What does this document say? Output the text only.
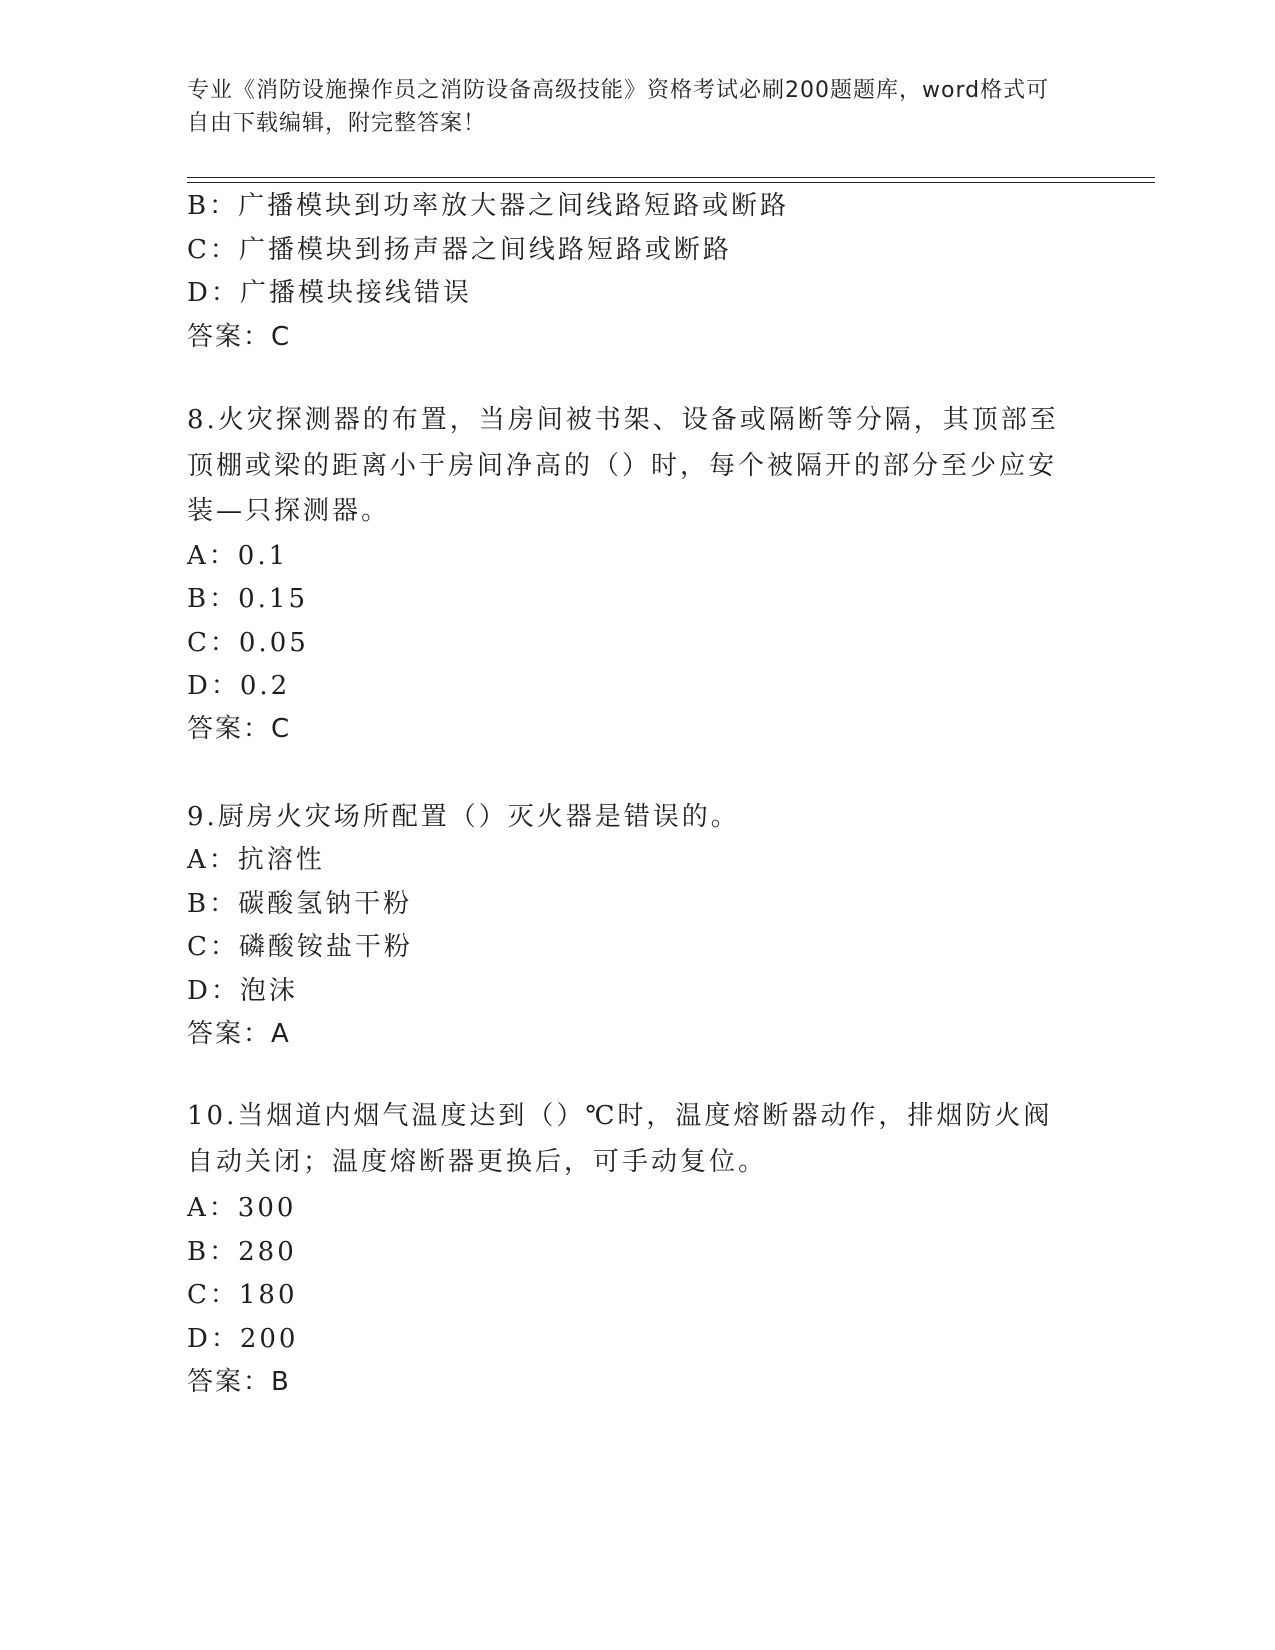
专业《消防设施操作员之消防设备高级技能》资格考试必刷200题题库，word格式可自由下载编辑，附完整答案！
B：广播模块到功率放大器之间线路短路或断路
C：广播模块到扬声器之间线路短路或断路
D：广播模块接线错误
答案：C
8.火灾探测器的布置，当房间被书架、设备或隔断等分隔，其顶部至顶棚或梁的距离小于房间净高的（）时，每个被隔开的部分至少应安装—只探测器。
A：0.1
B：0.15
C：0.05
D：0.2
答案：C
9.厨房火灾场所配置（）灭火器是错误的。
A：抗溶性
B：碳酸氢钠干粉
C：磷酸铵盐干粉
D：泡沫
答案：A
10.当烟道内烟气温度达到（）℃时，温度熔断器动作，排烟防火阀自动关闭；温度熔断器更换后，可手动复位。
A：300
B：280
C：180
D：200
答案：B
